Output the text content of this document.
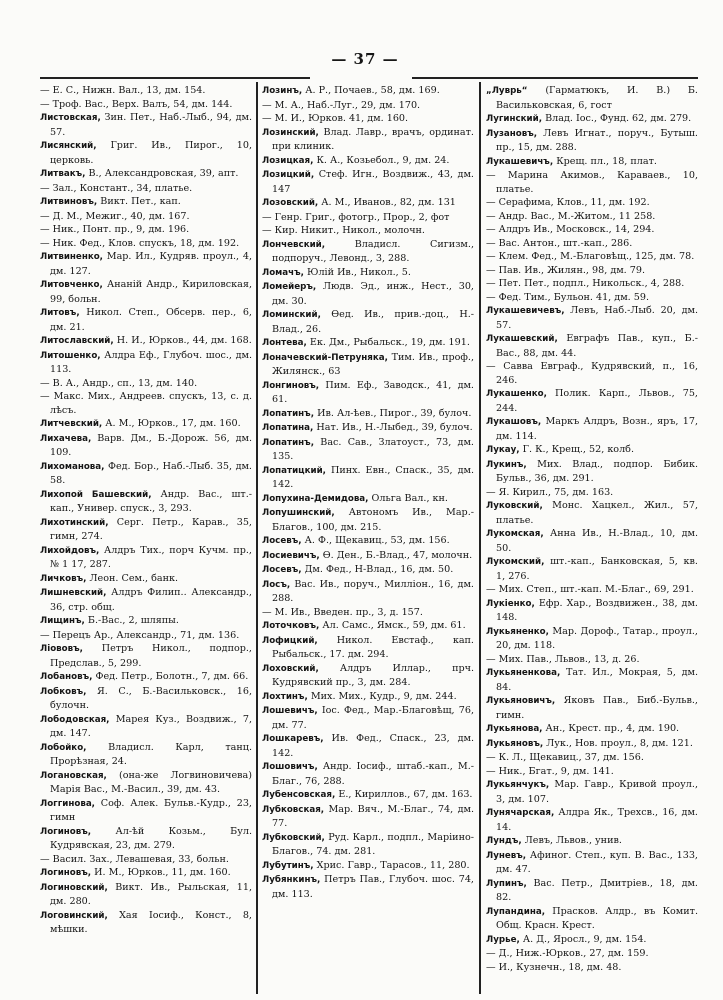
— 37 —

— Е. С., Нижн. Вал., 13, дм. 154.

— Троф. Вас., Верх. Валъ, 54, дм. 144.

Листовская, Зин. Пет., Наб.-Лыб., 94, дм. 57.

Лисянский, Григ. Ив., Пирог., 10, церковь.

Литвакъ, В., Александровская, 39, апт.

— Зал., Констант., 34, платье.

Литвиновъ, Викт. Пет., кап.

— Д. М., Межиг., 40, дм. 167.

— Ник., Понт. пр., 9, дм. 196.

— Ник. Фед., Клов. спускъ, 18, дм. 192.

Литвиненко, Мар. Ил., Кудряв. проул., 4, дм. 127.

Литовченко, Ананій Андр., Кириловская, 99, больн.

Литовъ, Никол. Степ., Обсерв. пер., 6, дм. 21.

Литославский, Н. И., Юрков., 44, дм. 168.

Литошенко, Алдра Еф., Глубоч. шос., дм. 113.

— В. А., Андр., сп., 13, дм. 140.

— Макс. Мих., Андреев. спускъ, 13, с. д. лѣсъ.

Литчевский, А. М., Юрков., 17, дм. 160.

Лихачева, Варв. Дм., Б.-Дорож. 56, дм. 109.

Лихоманова, Фед. Бор., Наб.-Лыб. 35, дм. 58.

Лихопой Башевский, Андр. Вас., шт.-кап., Универ. спуск., 3, 293.

Лихотинский, Серг. Петр., Карав., 35, гимн, 274.

Лихойдовъ, Алдръ Тих., порч Кучм. пр., № 1 17, 287.

Личковъ, Леон. Сем., банк.

Лишневский, Алдръ Филип.. Александр., 36, стр. общ.

Лищинъ, Б.-Вас., 2, шляпы.

— Перецъ Ар., Александр., 71, дм. 136.

Лiововъ, Петръ Никол., подпор., Предслав., 5, 299.

Лобановъ, Фед. Петр., Болотн., 7, дм. 66.

Лобковъ, Я. С., Б.-Васильковск., 16, булочн.

Лободовская, Марея Куз., Воздвиж., 7, дм. 147.

Лобойко, Владисл. Карл, танц. Прорѣзная, 24.

Логановская, (она-же Логвиновичева) Марія Вас., М.-Васил., 39, дм. 43.

Логгинова, Соф. Алек. Бульв.-Кудр., 23, гимн

Логиновъ,	Ал-ѣй Козьм., Бул. Кудрявская, 23, дм. 279.

— Васил. Зах., Левашевая, 33, больн.

Логиновъ, И. М., Юрков., 11, дм. 160.

Логиновский, Викт. Ив., Рыльская, 11, дм. 280.

Логовинский, Хая Іосиф., Конст., 8, мѣшки.

Лозинъ, А. Р., Почаев., 58, дм. 169.

— М. А., Наб.-Луг., 29, дм. 170.

— М. И., Юрков. 41, дм. 160.

Лозинский, Влад. Лавр., врачъ, ординат. при клиник.

Лозицкая, К. А., Козьебол., 9, дм. 24.

Лозицкий, Стеф. Игн., Воздвиж., 43, дм. 147

Лозовский, А. М., Иванов., 82, дм. 131

— Генр. Григ., фотогр., Прор., 2, фот

— Кир. Никит., Никол., молочн.

Лончевский,	Владисл. Сигизм., подпоруч., Левонд., 3, 288.

Ломачъ, Юлій Ив., Никол., 5.

Ломейеръ, Людв. Эд., инж., Нест., 30, дм. 30.

Ломинский, Ѳед. Ив., прив.-доц., Н.-Влад., 26.

Лонтева, Ек. Дм., Рыбальск., 19, дм. 191.

Лоначевский-Петруняка, Тим. Ив., проф., Жилянск., 63

Лонгиновъ, Пим. Еф., Заводск., 41, дм. 61.

Лопатинъ, Ив. Ал-ѣев., Пирог., 39, булоч.

Лопатина, Нат. Ив., Н.-Лыбед., 39, булоч.

Лопатинъ, Вас. Сав., Златоуст., 73, дм. 135.

Лопатицкий, Пинх. Евн., Спаск., 35, дм. 142.

Лопухина-Демидова, Ольга Вал., кн.

Лопушинский, Автономъ Ив., Мар.-Благов., 100, дм. 215.

Лосевъ, А. Ф., Щекавиц., 53, дм. 156.

Лосиевичъ, Ѳ. Ден., Б.-Влад., 47, молочн.

Лосевъ, Дм. Фед., Н-Влад., 16, дм. 50.

Лосъ, Вас. Ив., поруч., Миллiон., 16, дм. 288.

— М. Ив., Введен. пр., 3, д. 157.

Лоточковъ, Ал. Самс., Ямск., 59, дм. 61.

Лофицкий, Никол. Евстаф., кап. Рыбальск., 17. дм. 294.

Лоховский, Алдръ Иллар., прч. Кудрявский пр., 3, дм. 284.

Лохтинъ, Мих. Мих., Кудр., 9, дм. 244.

Лошевичъ, Іос. Фед., Мар.-Благовѣщ, 76, дм. 77.

Лошкаревъ, Ив. Фед., Спаск., 23, дм. 142.

Лошовичъ, Андр. Іосиф., штаб.-кап., М.-Благ., 76, 288.

Лубенсовская, Е., Кириллов., 67, дм. 163.

Лубковская, Мар. Вяч., М.-Благ., 74, дм. 77.

Лубковский, Руд. Карл., подпл., Марiино-Благов., 74. дм. 281.

Лубутинъ, Хрис. Гавр., Тарасов., 11, 280.

Лубянкинъ, Петръ Пав., Глубоч. шос. 74, дм. 113.

„Луврь“ (Гарматюкъ, И. В.) Б. Васильковская, 6, гост

Лугинский, Влад. Іос., Фунд. 62, дм. 279.

Лузановъ, Левъ Игнат., поруч., Бутыш. пр., 15, дм. 288.

Лукашевичъ, Крещ. пл., 18, плат.

— Марина Акимов., Караваев., 10, платье.

— Серафима, Клов., 11, дм. 192.

— Андр. Вас., М.-Житом., 11 258.

— Алдръ Ив., Московск., 14, 294.

— Вас. Антон., шт.-кап., 286.

— Клем. Фед., М.-Благовѣщ., 125, дм. 78.

— Пав. Ив., Жилян., 98, дм. 79.

— Пет. Пет., подпл., Никольск., 4, 288.

— Фед. Тим., Бульон. 41, дм. 59.

Лукашевичевъ, Левъ, Наб.-Лыб. 20, дм. 57.

Лукашевский, Евграфъ Пав., куп., Б.-Вас., 88, дм. 44.

— Савва Евграф., Кудрявский, п., 16, 246.

Лукашенко, Полик. Карп., Львов., 75, 244.

Лукашовъ, Маркъ Алдръ, Возн., яръ, 17, дм. 114.

Лукау, Г. К., Крещ., 52, колб.

Лукинъ, Мих. Влад., подпор. Бибик. Бульв., 36, дм. 291.

— Я. Кирил., 75, дм. 163.

Луковский, Монс. Хацкел., Жил., 57, платье.

Лукомская, Анна Ив., Н.-Влад., 10, дм. 50.

Лукомский, шт.-кап., Банковская, 5, кв. 1, 276.

— Мих. Степ., шт.-кап. М.-Благ., 69, 291.

Лукiенко, Ефр. Хар., Воздвижен., 38, дм. 148.

Лукьяненко, Мар. Дороф., Татар., проул., 20, дм. 118.

— Мих. Пав., Львов., 13, д. 26.

Лукьяненкова, Тат. Ил., Мокрая, 5, дм. 84.

Лукьяновичъ, Яковъ Пав., Биб.-Бульв., гимн.

Лукьянова, Ан., Крест. пр., 4, дм. 190.

Лукьяновъ, Лук., Нов. проул., 8, дм. 121.

— К. Л., Щекавиц., 37, дм. 156.

— Ник., Бгат., 9, дм. 141.

Лукьянчукъ, Мар. Гавр., Кривой проул., 3, дм. 107.

Лунячарская, Алдра Як., Трехсв., 16, дм. 14.

Лундъ, Левъ, Львов., унив.

Луневъ, Афиног. Степ., куп. В. Вас., 133, дм. 47.

Лупинъ, Вас. Петр., Дмитріев., 18, дм. 82.

Лупандина, Прасков. Алдр., въ Комит. Общ. Красн. Крест.

Лурье, А. Д., Яросл., 9, дм. 154.

— Д., Ниж.-Юрков., 27, дм. 159.

— И., Кузнечн., 18, дм. 48.
